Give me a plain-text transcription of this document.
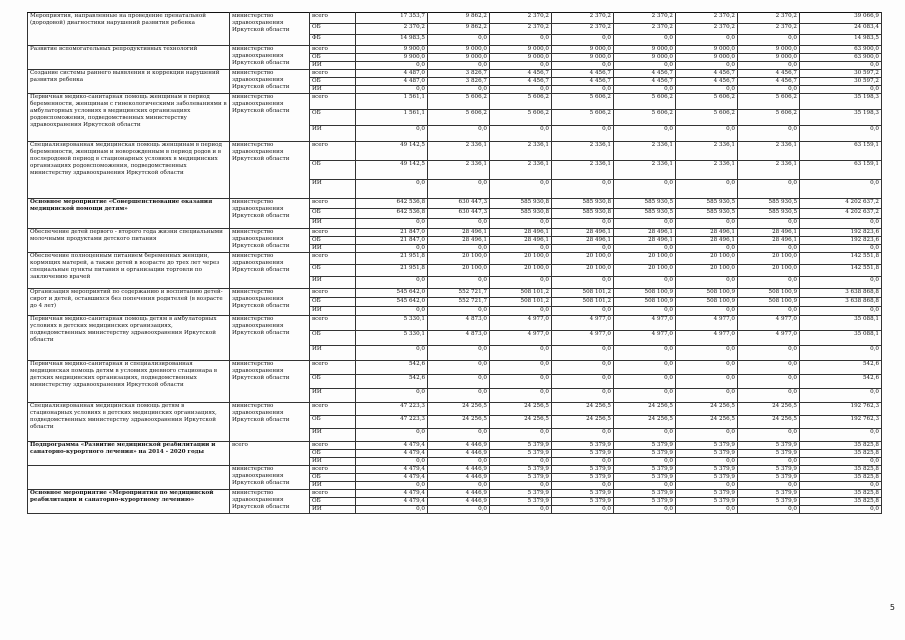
Мероприятия, направленные на проведение пренатальной (дородовой) диагностики нарушений развития ребенка	министерство здравоохранения Иркутской области	всего	17 353,7	9 862,2	2 370,2	2 370,2	2 370,2	2 370,2	2 370,2	39 066,9
		ОБ	2 370,2	9 862,2	2 370,2	2 370,2	2 370,2	2 370,2	2 370,2	24 083,4
		ФБ	14 983,5	0,0	0,0	0,0	0,0	0,0	0,0	14 983,5
Развитие вспомогательных репродуктивных технологий	министерство здравоохранения Иркутской области	всего	9 900,0	9 000,0	9 000,0	9 000,0	9 000,0	9 000,0	9 000,0	63 900,0
		ОБ	9 900,0	9 000,0	9 000,0	9 000,0	9 000,0	9 000,0	9 000,0	63 900,0
		ИИ	0,0	0,0	0,0	0,0	0,0	0,0	0,0	0,0
Создание системы раннего выявления и коррекции нарушений развития ребенка	министерство здравоохранения Иркутской области	всего	4 487,0	3 826,7	4 456,7	4 456,7	4 456,7	4 456,7	4 456,7	30 597,2
		ОБ	4 487,0	3 826,7	4 456,7	4 456,7	4 456,7	4 456,7	4 456,7	30 597,2
		ИИ	0,0	0,0	0,0	0,0	0,0	0,0	0,0	0,0
Первичная медико-санитарная помощь женщинам в период беременности, женщинам с гинекологическими заболеваниями в амбулаторных условиях в медицинских организациях родовспоможения, подведомственных министерству здравоохранения Иркутской области	министерство здравоохранения Иркутской области	всего	1 561,1	5 606,2	5 606,2	5 606,2	5 606,2	5 606,2	5 606,2	35 198,3
		ОБ	1 561,1	5 606,2	5 606,2	5 606,2	5 606,2	5 606,2	5 606,2	35 198,3
		ИИ	0,0	0,0	0,0	0,0	0,0	0,0	0,0	0,0
Специализированная медицинская помощь женщинам в период беременности, женщинам и новорожденным в период родов и в послеродовой период в стационарных условиях в медицинских организациях родовспоможения, подведомственных министерству здравоохранения Иркутской области	министерство здравоохранения Иркутской области	всего	49 142,5	2 336,1	2 336,1	2 336,1	2 336,1	2 336,1	2 336,1	63 159,1
		ОБ	49 142,5	2 336,1	2 336,1	2 336,1	2 336,1	2 336,1	2 336,1	63 159,1
		ИИ	0,0	0,0	0,0	0,0	0,0	0,0	0,0	0,0
Основное мероприятие «Совершенствование оказания медицинской помощи детям»	министерство здравоохранения Иркутской области	всего	642 536,8	630 447,3	585 930,8	585 930,8	585 930,5	585 930,5	585 930,5	4 202 637,2
		ОБ	642 536,8	630 447,3	585 930,8	585 930,8	585 930,5	585 930,5	585 930,5	4 202 637,2
		ИИ	0,0	0,0	0,0	0,0	0,0	0,0	0,0	0,0
Обеспечение детей первого - второго года жизни специальными молочными продуктами детского питания	министерство здравоохранения Иркутской области	всего	21 847,0	28 496,1	28 496,1	28 496,1	28 496,1	28 496,1	28 496,1	192 823,6
		ОБ	21 847,0	28 496,1	28 496,1	28 496,1	28 496,1	28 496,1	28 496,1	192 823,6
		ИИ	0,0	0,0	0,0	0,0	0,0	0,0	0,0	0,0
Обеспечение полноценным питанием беременных женщин, кормящих матерей, а также детей в возрасте до трех лет через специальные пункты питания и организации торговли по заключению врачей	министерство здравоохранения Иркутской области	всего	21 951,8	20 100,0	20 100,0	20 100,0	20 100,0	20 100,0	20 100,0	142 551,8
		ОБ	21 951,8	20 100,0	20 100,0	20 100,0	20 100,0	20 100,0	20 100,0	142 551,8
		ИИ	0,0	0,0	0,0	0,0	0,0	0,0	0,0	0,0
Организация мероприятий по содержанию и воспитанию детей-сирот и детей, оставшихся без попечения родителей (в возрасте до 4 лет)	министерство здравоохранения Иркутской области	всего	545 642,0	552 721,7	508 101,2	508 101,2	508 100,9	508 100,9	508 100,9	3 638 868,8
		ОБ	545 642,0	552 721,7	508 101,2	508 101,2	508 100,9	508 100,9	508 100,9	3 638 868,8
		ИИ	0,0	0,0	0,0	0,0	0,0	0,0	0,0	0,0
Первичная медико-санитарная помощь детям в амбулаторных условиях в детских медицинских организациях, подведомственных министерству здравоохранения Иркутской области	министерство здравоохранения Иркутской области	всего	5 330,1	4 873,0	4 977,0	4 977,0	4 977,0	4 977,0	4 977,0	35 088,1
		ОБ	5 330,1	4 873,0	4 977,0	4 977,0	4 977,0	4 977,0	4 977,0	35 088,1
		ИИ	0,0	0,0	0,0	0,0	0,0	0,0	0,0	0,0
Первичная медико-санитарная и специализированная медицинская помощь детям в условиях дневного стационара в детских медицинских организациях, подведомственных министерству здравоохранения Иркутской области	министерство здравоохранения Иркутской области	всего	542,6	0,0	0,0	0,0	0,0	0,0	0,0	542,6
		ОБ	542,6	0,0	0,0	0,0	0,0	0,0	0,0	542,6
		ИИ	0,0	0,0	0,0	0,0	0,0	0,0	0,0	0,0
Специализированная медицинская помощь детям в стационарных условиях в детских медицинских организациях, подведомственных министерству здравоохранения Иркутской области	министерство здравоохранения Иркутской области	всего	47 223,3	24 256,5	24 256,5	24 256,5	24 256,5	24 256,5	24 256,5	192 762,3
		ОБ	47 223,3	24 256,5	24 256,5	24 256,5	24 256,5	24 256,5	24 256,5	192 762,3
		ИИ	0,0	0,0	0,0	0,0	0,0	0,0	0,0	0,0
Подпрограмма «Развитие медицинской реабилитации и санаторно-курортного лечения» на 2014 - 2020 годы	всего	всего	4 479,4	4 446,9	5 379,9	5 379,9	5 379,9	5 379,9	5 379,9	35 825,8
		ОБ	4 479,4	4 446,9	5 379,9	5 379,9	5 379,9	5 379,9	5 379,9	35 825,8
		ИИ	0,0	0,0	0,0	0,0	0,0	0,0	0,0	0,0
	министерство здравоохранения Иркутской области	всего	4 479,4	4 446,9	5 379,9	5 379,9	5 379,9	5 379,9	5 379,9	35 825,8
		ОБ	4 479,4	4 446,9	5 379,9	5 379,9	5 379,9	5 379,9	5 379,9	35 825,8
		ИИ	0,0	0,0	0,0	0,0	0,0	0,0	0,0	0,0
Основное мероприятие «Мероприятия по медицинской реабилитации и санаторно-курортному лечению»	министерство здравоохранения Иркутской области	всего	4 479,4	4 446,9	5 379,9	5 379,9	5 379,9	5 379,9	5 379,9	35 825,8
		ОБ	4 479,4	4 446,9	5 379,9	5 379,9	5 379,9	5 379,9	5 379,9	35 825,8
		ИИ	0,0	0,0	0,0	0,0	0,0	0,0	0,0	0,0
5
